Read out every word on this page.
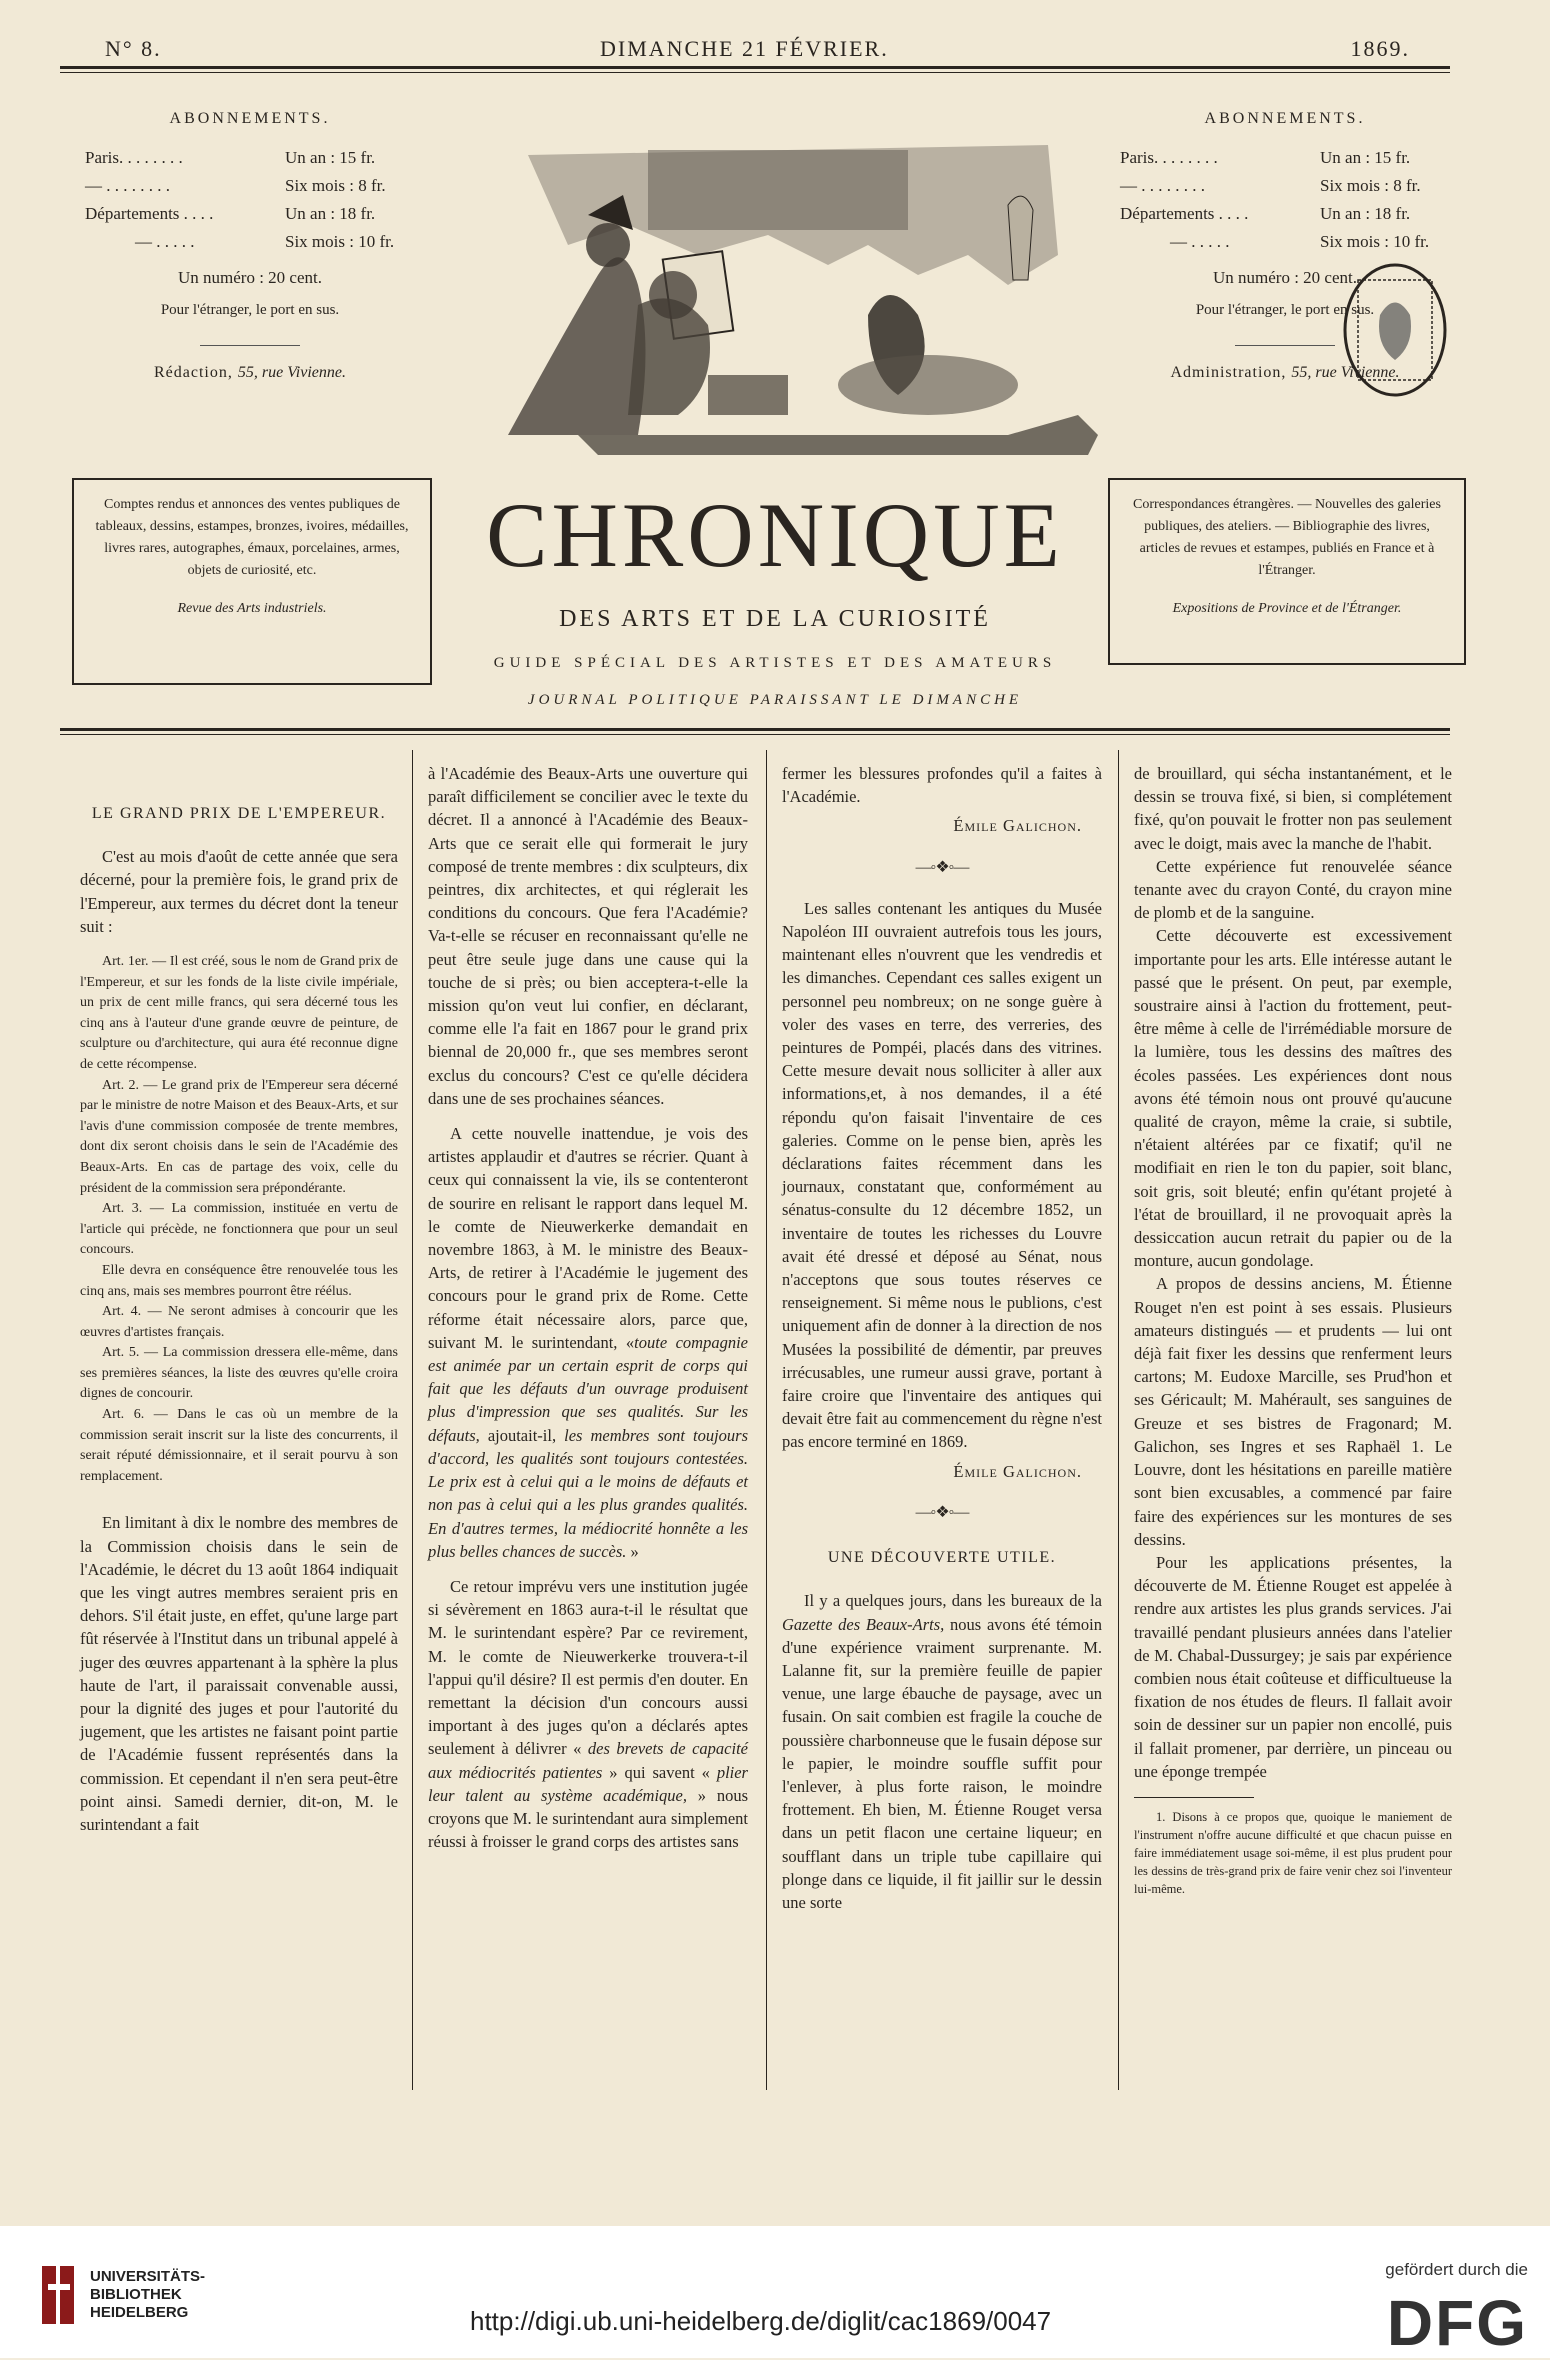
N° 8.	DIMANCHE 21 FÉVRIER.	1869.
ABONNEMENTS.
Paris. . . . . . . .	Un an : 15 fr.
— . . . . . . . .	Six mois : 8 fr.
Départements . . . .	Un an : 18 fr.
— . . . . .	Six mois : 10 fr.
Un numéro : 20 cent.
Pour l'étranger, le port en sus.
Rédaction, 55, rue Vivienne.
ABONNEMENTS.
Paris. . . . . . . .	Un an : 15 fr.
— . . . . . . . .	Six mois : 8 fr.
Départements . . . .	Un an : 18 fr.
— . . . . .	Six mois : 10 fr.
Un numéro : 20 cent.
Pour l'étranger, le port en sus.
Administration, 55, rue Vivienne.
Comptes rendus et annonces des ventes publiques de tableaux, dessins, estampes, bronzes, ivoires, médailles, livres rares, autographes, émaux, porcelaines, armes, objets de curiosité, etc.
Revue des Arts industriels.
Correspondances étrangères. — Nouvelles des galeries publiques, des ateliers. — Bibliographie des livres, articles de revues et estampes, publiés en France et à l'Étranger.
Expositions de Province et de l'Étranger.
CHRONIQUE
DES ARTS ET DE LA CURIOSITÉ
GUIDE SPÉCIAL DES ARTISTES ET DES AMATEURS
JOURNAL POLITIQUE PARAISSANT LE DIMANCHE

LE GRAND PRIX DE L'EMPEREUR.

C'est au mois d'août de cette année que sera décerné, pour la première fois, le grand prix de l'Empereur, aux termes du décret dont la teneur suit :

Art. 1er. — Il est créé, sous le nom de Grand prix de l'Empereur, et sur les fonds de la liste civile impériale, un prix de cent mille francs, qui sera décerné tous les cinq ans à l'auteur d'une grande œuvre de peinture, de sculpture ou d'architecture, qui aura été reconnue digne de cette récompense.

Art. 2. — Le grand prix de l'Empereur sera décerné par le ministre de notre Maison et des Beaux-Arts, et sur l'avis d'une commission composée de trente membres, dont dix seront choisis dans le sein de l'Académie des Beaux-Arts. En cas de partage des voix, celle du président de la commission sera prépondérante.

Art. 3. — La commission, instituée en vertu de l'article qui précède, ne fonctionnera que pour un seul concours.

Elle devra en conséquence être renouvelée tous les cinq ans, mais ses membres pourront être réélus.

Art. 4. — Ne seront admises à concourir que les œuvres d'artistes français.

Art. 5. — La commission dressera elle-même, dans ses premières séances, la liste des œuvres qu'elle croira dignes de concourir.

Art. 6. — Dans le cas où un membre de la commission serait inscrit sur la liste des concurrents, il serait réputé démissionnaire, et il serait pourvu à son remplacement.

En limitant à dix le nombre des membres de la Commission choisis dans le sein de l'Académie, le décret du 13 août 1864 indiquait que les vingt autres membres seraient pris en dehors. S'il était juste, en effet, qu'une large part fût réservée à l'Institut dans un tribunal appelé à juger des œuvres appartenant à la sphère la plus haute de l'art, il paraissait convenable aussi, pour la dignité des juges et pour l'autorité du jugement, que les artistes ne faisant point partie de l'Académie fussent représentés dans la commission. Et cependant il n'en sera peut-être point ainsi. Samedi dernier, dit-on, M. le surintendant a fait

à l'Académie des Beaux-Arts une ouverture qui paraît difficilement se concilier avec le texte du décret. Il a annoncé à l'Académie des Beaux-Arts que ce serait elle qui formerait le jury composé de trente membres : dix sculpteurs, dix peintres, dix architectes, et qui réglerait les conditions du concours. Que fera l'Académie? Va-t-elle se récuser en reconnaissant qu'elle ne peut être seule juge dans une cause qui la touche de si près; ou bien acceptera-t-elle la mission qu'on veut lui confier, en déclarant, comme elle l'a fait en 1867 pour le grand prix biennal de 20,000 fr., que ses membres seront exclus du concours? C'est ce qu'elle décidera dans une de ses prochaines séances.

A cette nouvelle inattendue, je vois des artistes applaudir et d'autres se récrier. Quant à ceux qui connaissent la vie, ils se contenteront de sourire en relisant le rapport dans lequel M. le comte de Nieuwerkerke demandait en novembre 1863, à M. le ministre des Beaux-Arts, de retirer à l'Académie le jugement des concours pour le grand prix de Rome. Cette réforme était nécessaire alors, parce que, suivant M. le surintendant, «toute compagnie est animée par un certain esprit de corps qui fait que les défauts d'un ouvrage produisent plus d'impression que ses qualités. Sur les défauts, ajoutait-il, les membres sont toujours d'accord, les qualités sont toujours contestées. Le prix est à celui qui a le moins de défauts et non pas à celui qui a les plus grandes qualités. En d'autres termes, la médiocrité honnête a les plus belles chances de succès. »

Ce retour imprévu vers une institution jugée si sévèrement en 1863 aura-t-il le résultat que M. le surintendant espère? Par ce revirement, M. le comte de Nieuwerkerke trouvera-t-il l'appui qu'il désire? Il est permis d'en douter. En remettant la décision d'un concours aussi important à des juges qu'on a déclarés aptes seulement à délivrer « des brevets de capacité aux médiocrités patientes » qui savent « plier leur talent au système académique, » nous croyons que M. le surintendant aura simplement réussi à froisser le grand corps des artistes sans

fermer les blessures profondes qu'il a faites à l'Académie.

Émile Galichon.

—◦❖◦—

Les salles contenant les antiques du Musée Napoléon III ouvraient autrefois tous les jours, maintenant elles n'ouvrent que les vendredis et les dimanches. Cependant ces salles exigent un personnel peu nombreux; on ne songe guère à voler des vases en terre, des verreries, des peintures de Pompéi, placés dans des vitrines. Cette mesure devait nous solliciter à aller aux informations,et, à nos demandes, il a été répondu qu'on faisait l'inventaire de ces galeries. Comme on le pense bien, après les déclarations faites récemment dans les journaux, constatant que, conformément au sénatus-consulte du 12 décembre 1852, un inventaire de toutes les richesses du Louvre avait été dressé et déposé au Sénat, nous n'acceptons que sous toutes réserves ce renseignement. Si même nous le publions, c'est uniquement afin de donner à la direction de nos Musées la possibilité de démentir, par preuves irrécusables, une rumeur aussi grave, portant à faire croire que l'inventaire des antiques qui devait être fait au commencement du règne n'est pas encore terminé en 1869.

Émile Galichon.

—◦❖◦—

UNE DÉCOUVERTE UTILE.

Il y a quelques jours, dans les bureaux de la Gazette des Beaux-Arts, nous avons été témoin d'une expérience vraiment surprenante. M. Lalanne fit, sur la première feuille de papier venue, une large ébauche de paysage, avec un fusain. On sait combien est fragile la couche de poussière charbonneuse que le fusain dépose sur le papier, le moindre souffle suffit pour l'enlever, à plus forte raison, le moindre frottement. Eh bien, M. Étienne Rouget versa dans un petit flacon une certaine liqueur; en soufflant dans un triple tube capillaire qui plonge dans ce liquide, il fit jaillir sur le dessin une sorte

de brouillard, qui sécha instantanément, et le dessin se trouva fixé, si bien, si complétement fixé, qu'on pouvait le frotter non pas seulement avec le doigt, mais avec la manche de l'habit.

Cette expérience fut renouvelée séance tenante avec du crayon Conté, du crayon mine de plomb et de la sanguine.

Cette découverte est excessivement importante pour les arts. Elle intéresse autant le passé que le présent. On peut, par exemple, soustraire ainsi à l'action du frottement, peut-être même à celle de l'irrémédiable morsure de la lumière, tous les dessins des maîtres des écoles passées. Les expériences dont nous avons été témoin nous ont prouvé qu'aucune qualité de crayon, même la craie, si subtile, n'étaient altérées par ce fixatif; qu'il ne modifiait en rien le ton du papier, soit blanc, soit gris, soit bleuté; enfin qu'étant projeté à l'état de brouillard, il ne provoquait après la dessiccation aucun retrait du papier ou de la monture, aucun gondolage.

A propos de dessins anciens, M. Étienne Rouget n'en est point à ses essais. Plusieurs amateurs distingués — et prudents — lui ont déjà fait fixer les dessins que renferment leurs cartons; M. Eudoxe Marcille, ses Prud'hon et ses Géricault; M. Mahérault, ses sanguines de Greuze et ses bistres de Fragonard; M. Galichon, ses Ingres et ses Raphaël 1. Le Louvre, dont les hésitations en pareille matière sont bien excusables, a commencé par faire faire des expériences sur les montures de ses dessins.

Pour les applications présentes, la découverte de M. Étienne Rouget est appelée à rendre aux artistes les plus grands services. J'ai travaillé pendant plusieurs années dans l'atelier de M. Chabal-Dussurgey; je sais par expérience combien nous était coûteuse et difficultueuse la fixation de nos études de fleurs. Il fallait avoir soin de dessiner sur un papier non encollé, puis il fallait promener, par derrière, un pinceau ou une éponge trempée

1. Disons à ce propos que, quoique le maniement de l'instrument n'offre aucune difficulté et que chacun puisse en faire immédiatement usage soi-même, il est plus prudent pour les dessins de très-grand prix de faire venir chez soi l'inventeur lui-même.

UNIVERSITÄTS-
BIBLIOTHEK
HEIDELBERG	http://digi.ub.uni-heidelberg.de/diglit/cac1869/0047
gefördert durch die
DFG
